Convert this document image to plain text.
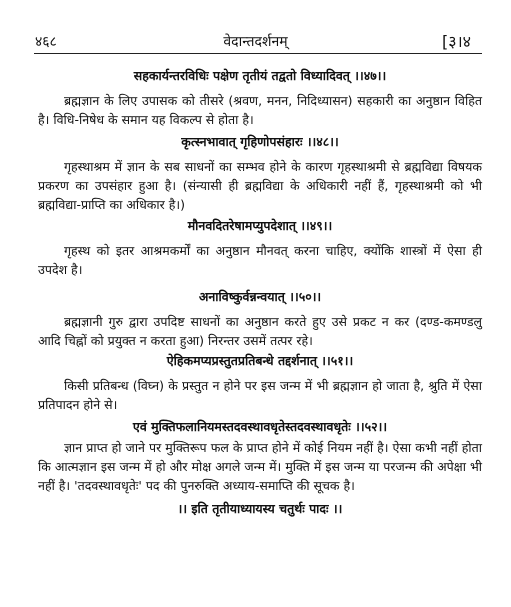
४६८	वेदान्तदर्शनम्	[३।४
सहकार्यन्तरविधिः पक्षेण तृतीयं तद्वतो विध्यादिवत् ।।४७।।
ब्रह्मज्ञान के लिए उपासक को तीसरे (श्रवण, मनन, निदिध्यासन) सहकारी का अनुष्ठान विहित है। विधि-निषेध के समान यह विकल्प से होता है।
कृत्स्नभावात् गृहिणोपसंहारः ।।४८।।
गृहस्थाश्रम में ज्ञान के सब साधनों का सम्भव होने के कारण गृहस्थाश्रमी से ब्रह्मविद्या विषयक प्रकरण का उपसंहार हुआ है। (संन्यासी ही ब्रह्मविद्या के अधिकारी नहीं हैं, गृहस्थाश्रमी को भी ब्रह्मविद्या-प्राप्ति का अधिकार है।)
मौनवदितरेषामप्युपदेशात् ।।४९।।
गृहस्थ को इतर आश्रमकर्मों का अनुष्ठान मौनवत् करना चाहिए, क्योंकि शास्त्रों में ऐसा ही उपदेश है।
अनाविष्कुर्वन्नन्वयात् ।।५०।।
ब्रह्मज्ञानी गुरु द्वारा उपदिष्ट साधनों का अनुष्ठान करते हुए उसे प्रकट न कर (दण्ड-कमण्डलु आदि चिह्नों को प्रयुक्त न करता हुआ) निरन्तर उसमें तत्पर रहे।
ऐहिकमप्यप्रस्तुतप्रतिबन्धे तद्दर्शनात् ।।५१।।
किसी प्रतिबन्ध (विघ्न) के प्रस्तुत न होने पर इस जन्म में भी ब्रह्मज्ञान हो जाता है, श्रुति में ऐसा प्रतिपादन होने से।
एवं मुक्तिफलानियमस्तदवस्थावधृतेस्तदवस्थावधृतेः ।।५२।।
ज्ञान प्राप्त हो जाने पर मुक्तिरूप फल के प्राप्त होने में कोई नियम नहीं है। ऐसा कभी नहीं होता कि आत्मज्ञान इस जन्म में हो और मोक्ष अगले जन्म में। मुक्ति में इस जन्म या परजन्म की अपेक्षा भी नहीं है। 'तदवस्थावधृतेः' पद की पुनरुक्ति अध्याय-समाप्ति की सूचक है।
।। इति तृतीयाध्यायस्य चतुर्थः पादः ।।
